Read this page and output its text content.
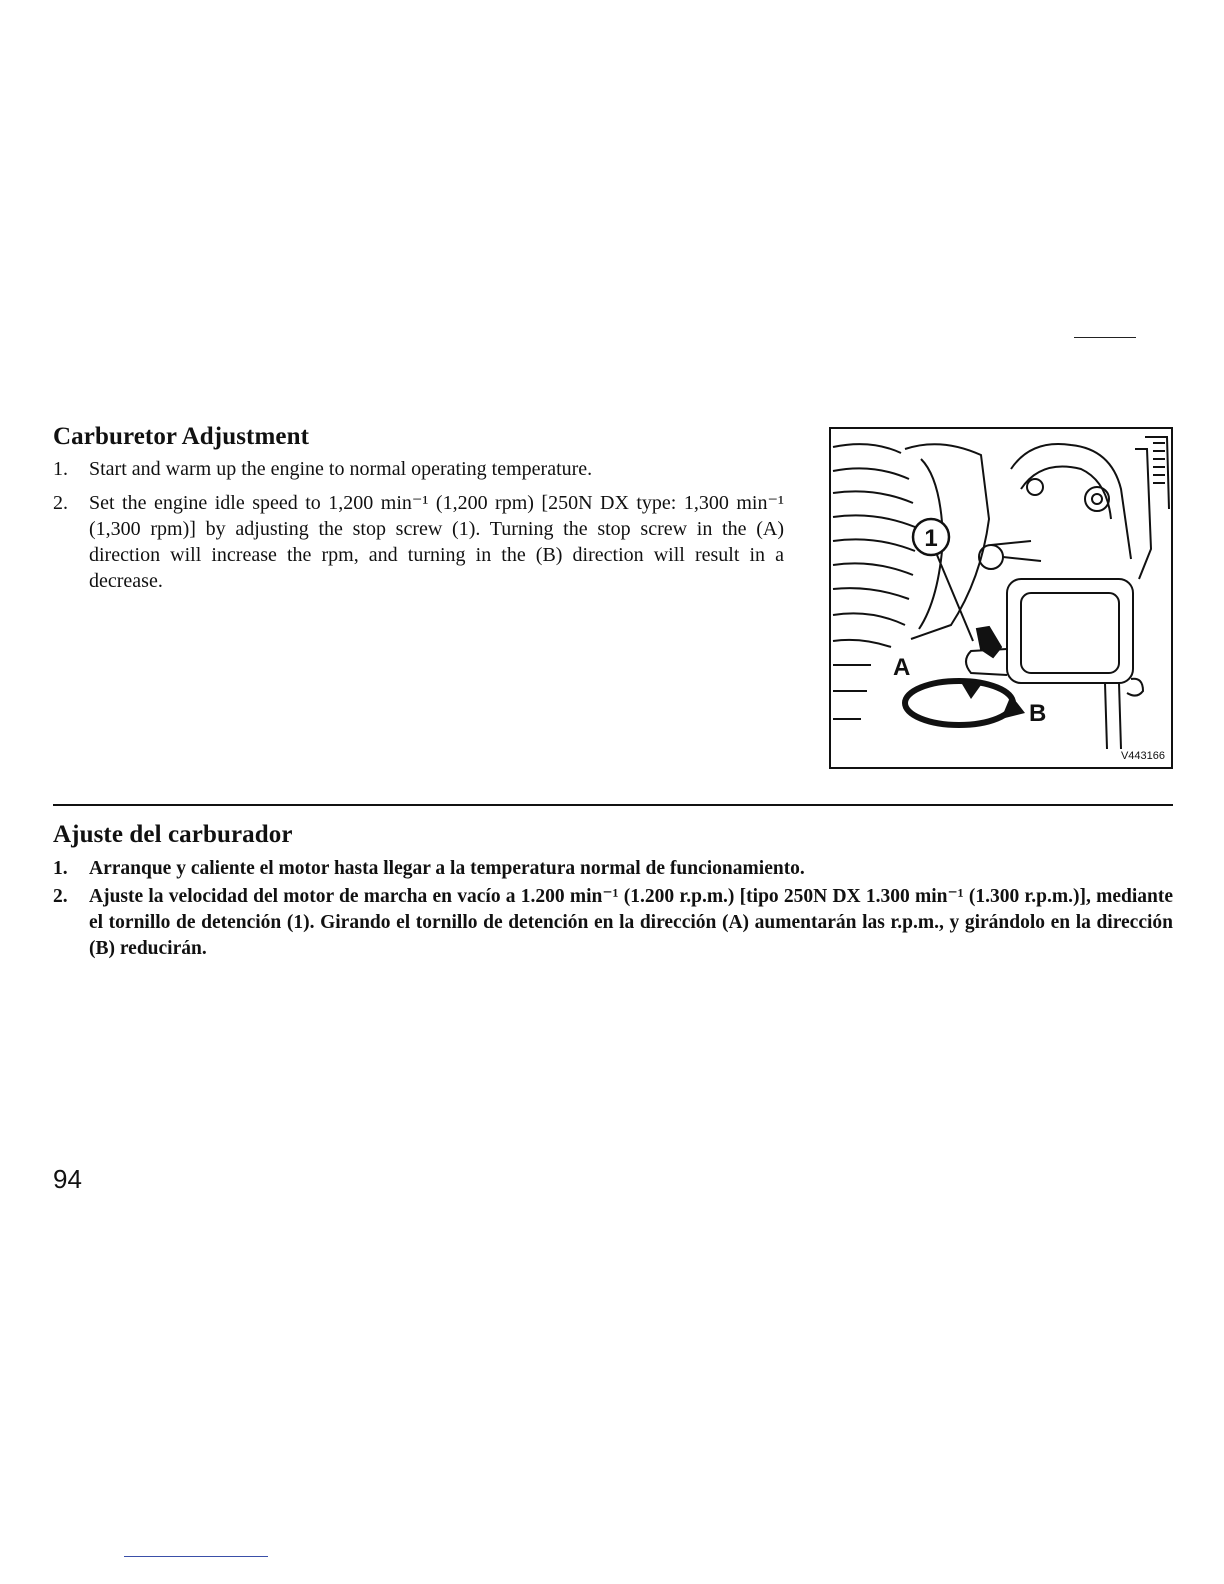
Carburetor Adjustment
1. Start and warm up the engine to normal operating temperature.
2. Set the engine idle speed to 1,200 min⁻¹ (1,200 rpm) [250N DX type: 1,300 min⁻¹ (1,300 rpm)] by adjusting the stop screw (1). Turning the stop screw in the (A) direction will increase the rpm, and turning in the (B) direction will result in a decrease.
1
A
B
V443166
Ajuste del carburador
1. Arranque y caliente el motor hasta llegar a la temperatura normal de funcionamiento.
2. Ajuste la velocidad del motor de marcha en vacío a 1.200 min⁻¹ (1.200 r.p.m.) [tipo 250N DX 1.300 min⁻¹ (1.300 r.p.m.)], mediante el tornillo de detención (1). Girando el tornillo de detención en la dirección (A) aumentarán las r.p.m., y girándolo en la dirección (B) reducirán.
94
